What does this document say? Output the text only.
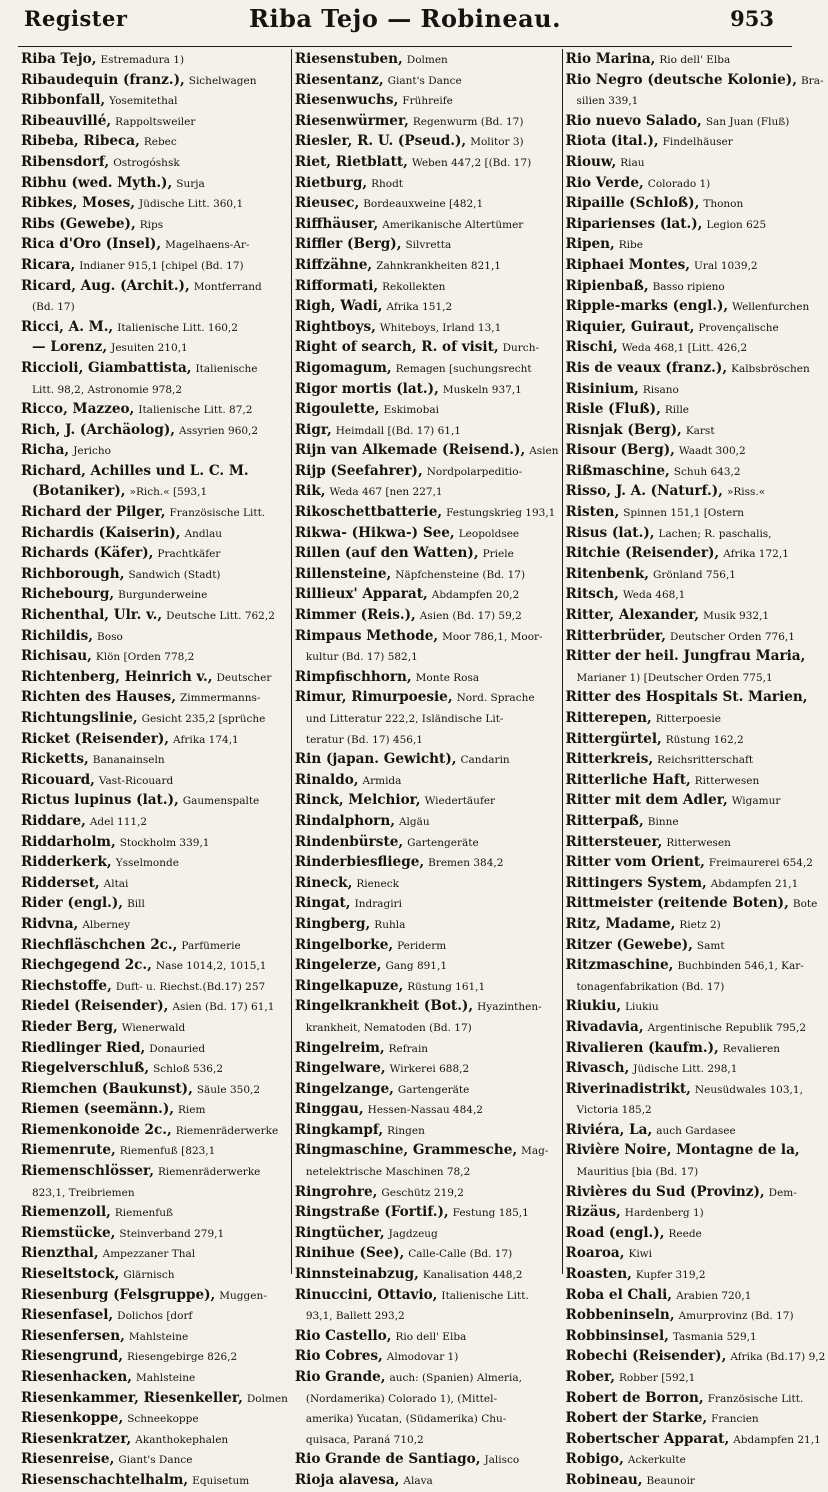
Register	Riba Tejo — Robineau.	953
Riba Tejo, Estremadura 1)
Ribaudequin (franz.), Sichelwagen
Ribbonfall, Yosemitethal
Ribeauvillé, Rappoltsweiler
Ribeba, Ribeca, Rebec
Ribensdorf, Ostrogóshsk
Ribhu (wed. Myth.), Surja
Ribkes, Moses, Jüdische Litt. 360,1
Ribs (Gewebe), Rips
Rica d'Oro (Insel), Magelhaens-Ar-
Ricara, Indianer 915,1 [chipel (Bd. 17)
Ricard, Aug. (Archit.), Montferrand
(Bd. 17)
Ricci, A. M., Italienische Litt. 160,2
— Lorenz, Jesuiten 210,1
Riccioli, Giambattista, Italienische
Litt. 98,2, Astronomie 978,2
Ricco, Mazzeo, Italienische Litt. 87,2
Rich, J. (Archäolog), Assyrien 960,2
Richa, Jericho
Richard, Achilles und L. C. M.
(Botaniker), »Rich.« [593,1
Richard der Pilger, Französische Litt.
Richardis (Kaiserin), Andlau
Richards (Käfer), Prachtkäfer
Richborough, Sandwich (Stadt)
Richebourg, Burgunderweine
Richenthal, Ulr. v., Deutsche Litt. 762,2
Richildis, Boso
Richisau, Klön [Orden 778,2
Richtenberg, Heinrich v., Deutscher
Richten des Hauses, Zimmermanns-
Richtungslinie, Gesicht 235,2 [sprüche
Ricket (Reisender), Afrika 174,1
Ricketts, Bananainseln
Ricouard, Vast-Ricouard
Rictus lupinus (lat.), Gaumenspalte
Riddare, Adel 111,2
Riddarholm, Stockholm 339,1
Ridderkerk, Ysselmonde
Ridderset, Altai
Rider (engl.), Bill
Ridvna, Alberney
Riechfläschchen 2c., Parfümerie
Riechgegend 2c., Nase 1014,2, 1015,1
Riechstoffe, Duft- u. Riechst.(Bd.17) 257
Riedel (Reisender), Asien (Bd. 17) 61,1
Rieder Berg, Wienerwald
Riedlinger Ried, Donauried
Riegelverschluß, Schloß 536,2
Riemchen (Baukunst), Säule 350,2
Riemen (seemänn.), Riem
Riemenkonoide 2c., Riemenräderwerke
Riemenrute, Riemenfuß [823,1
Riemenschlösser, Riemenräderwerke
823,1, Treibriemen
Riemenzoll, Riemenfuß
Riemstücke, Steinverband 279,1
Rienzthal, Ampezzaner Thal
Rieseltstock, Glärnisch
Riesenburg (Felsgruppe), Muggen-
Riesenfasel, Dolichos [dorf
Riesenfersen, Mahlsteine
Riesengrund, Riesengebirge 826,2
Riesenhacken, Mahlsteine
Riesenkammer, Riesenkeller, Dolmen
Riesenkoppe, Schneekoppe
Riesenkratzer, Akanthokephalen
Riesenreise, Giant's Dance
Riesenschachtelhalm, Equisetum
Riesenstuben, Dolmen
Riesentanz, Giant's Dance
Riesenwuchs, Frühreife
Riesenwürmer, Regenwurm (Bd. 17)
Riesler, R. U. (Pseud.), Molitor 3)
Riet, Rietblatt, Weben 447,2 [(Bd. 17)
Rietburg, Rhodt
Rieusec, Bordeauxweine [482,1
Riffhäuser, Amerikanische Altertümer
Riffler (Berg), Silvretta
Riffzähne, Zahnkrankheiten 821,1
Rifformati, Rekollekten
Righ, Wadi, Afrika 151,2
Rightboys, Whiteboys, Irland 13,1
Right of search, R. of visit, Durch-
Rigomagum, Remagen [suchungsrecht
Rigor mortis (lat.), Muskeln 937,1
Rigoulette, Eskimobai
Rigr, Heimdall [(Bd. 17) 61,1
Rijn van Alkemade (Reisend.), Asien
Rijp (Seefahrer), Nordpolarpeditio-
Rik, Weda 467 [nen 227,1
Rikoschettbatterie, Festungskrieg 193,1
Rikwa- (Hikwa-) See, Leopoldsee
Rillen (auf den Watten), Priele
Rillensteine, Näpfchensteine (Bd. 17)
Rillieux' Apparat, Abdampfen 20,2
Rimmer (Reis.), Asien (Bd. 17) 59,2
Rimpaus Methode, Moor 786,1, Moor-
kultur (Bd. 17) 582,1
Rimpfischhorn, Monte Rosa
Rimur, Rimurpoesie, Nord. Sprache
und Litteratur 222,2, Isländische Lit-
teratur (Bd. 17) 456,1
Rin (japan. Gewicht), Candarin
Rinaldo, Armida
Rinck, Melchior, Wiedertäufer
Rindalphorn, Algäu
Rindenbürste, Gartengeräte
Rinderbiesfliege, Bremen 384,2
Rineck, Rieneck
Ringat, Indragiri
Ringberg, Ruhla
Ringelborke, Periderm
Ringelerze, Gang 891,1
Ringelkapuze, Rüstung 161,1
Ringelkrankheit (Bot.), Hyazinthen-
krankheit, Nematoden (Bd. 17)
Ringelreim, Refrain
Ringelware, Wirkerei 688,2
Ringelzange, Gartengeräte
Ringgau, Hessen-Nassau 484,2
Ringkampf, Ringen
Ringmaschine, Grammesche, Mag-
netelektrische Maschinen 78,2
Ringrohre, Geschütz 219,2
Ringstraße (Fortif.), Festung 185,1
Ringtücher, Jagdzeug
Rinihue (See), Calle-Calle (Bd. 17)
Rinnsteinabzug, Kanalisation 448,2
Rinuccini, Ottavio, Italienische Litt.
93,1, Ballett 293,2
Rio Castello, Rio dell' Elba
Rio Cobres, Almodovar 1)
Rio Grande, auch: (Spanien) Almeria,
(Nordamerika) Colorado 1), (Mittel-
amerika) Yucatan, (Südamerika) Chu-
quisaca, Paraná 710,2
Rio Grande de Santiago, Jalisco
Rioja alavesa, Alava
Rio Marina, Rio dell' Elba
Rio Negro (deutsche Kolonie), Bra-
silien 339,1
Rio nuevo Salado, San Juan (Fluß)
Riota (ital.), Findelhäuser
Riouw, Riau
Rio Verde, Colorado 1)
Ripaille (Schloß), Thonon
Riparienses (lat.), Legion 625
Ripen, Ribe
Riphaei Montes, Ural 1039,2
Ripienbaß, Basso ripieno
Ripple-marks (engl.), Wellenfurchen
Riquier, Guiraut, Provençalische
Rischi, Weda 468,1 [Litt. 426,2
Ris de veaux (franz.), Kalbsbröschen
Risinium, Risano
Risle (Fluß), Rille
Risnjak (Berg), Karst
Risour (Berg), Waadt 300,2
Rißmaschine, Schuh 643,2
Risso, J. A. (Naturf.), »Riss.«
Risten, Spinnen 151,1 [Ostern
Risus (lat.), Lachen; R. paschalis,
Ritchie (Reisender), Afrika 172,1
Ritenbenk, Grönland 756,1
Ritsch, Weda 468,1
Ritter, Alexander, Musik 932,1
Ritterbrüder, Deutscher Orden 776,1
Ritter der heil. Jungfrau Maria,
Marianer 1) [Deutscher Orden 775,1
Ritter des Hospitals St. Marien,
Ritterepen, Ritterpoesie
Rittergürtel, Rüstung 162,2
Ritterkreis, Reichsritterschaft
Ritterliche Haft, Ritterwesen
Ritter mit dem Adler, Wigamur
Ritterpaß, Binne
Rittersteuer, Ritterwesen
Ritter vom Orient, Freimaurerei 654,2
Rittingers System, Abdampfen 21,1
Rittmeister (reitende Boten), Bote
Ritz, Madame, Rietz 2)
Ritzer (Gewebe), Samt
Ritzmaschine, Buchbinden 546,1, Kar-
tonagenfabrikation (Bd. 17)
Riukiu, Liukiu
Rivadavia, Argentinische Republik 795,2
Rivalieren (kaufm.), Revalieren
Rivasch, Jüdische Litt. 298,1
Riverinadistrikt, Neusüdwales 103,1,
Victoria 185,2
Riviéra, La, auch Gardasee
Rivière Noire, Montagne de la,
Mauritius [bia (Bd. 17)
Rivières du Sud (Provinz), Dem-
Rizäus, Hardenberg 1)
Road (engl.), Reede
Roaroa, Kiwi
Roasten, Kupfer 319,2
Roba el Chali, Arabien 720,1
Robbeninseln, Amurprovinz (Bd. 17)
Robbinsinsel, Tasmania 529,1
Robechi (Reisender), Afrika (Bd.17) 9,2
Rober, Robber [592,1
Robert de Borron, Französische Litt.
Robert der Starke, Francien
Robertscher Apparat, Abdampfen 21,1
Robigo, Ackerkulte
Robineau, Beaunoir
